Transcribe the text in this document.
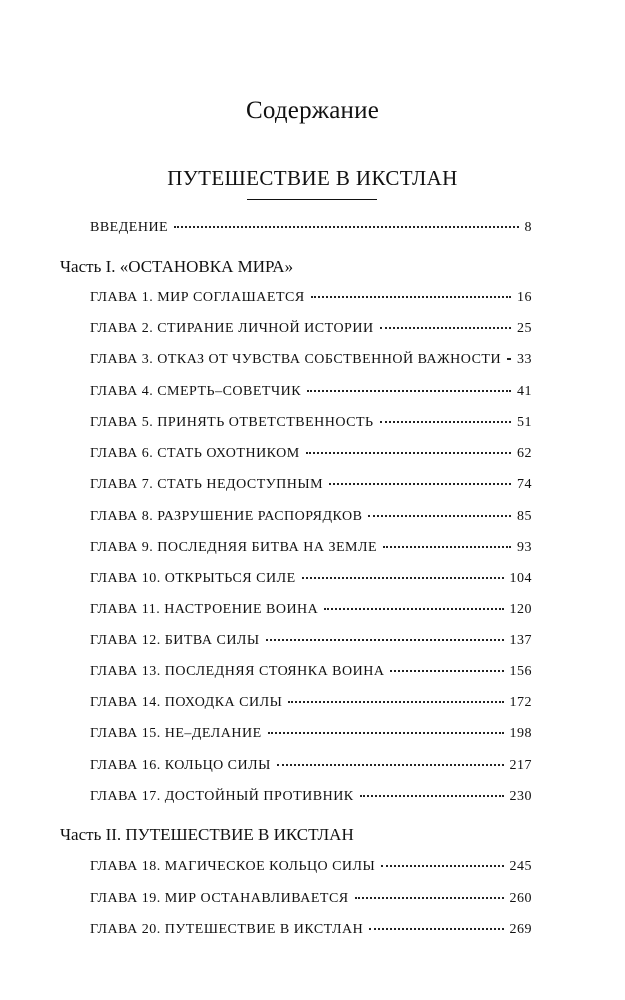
Содержание
ПУТЕШЕСТВИЕ В ИКСТЛАН
ВВЕДЕНИЕ	8
Часть I. «ОСТАНОВКА МИРА»
ГЛАВА 1. МИР СОГЛАШАЕТСЯ	16
ГЛАВА 2. СТИРАНИЕ ЛИЧНОЙ ИСТОРИИ	25
ГЛАВА 3. ОТКАЗ ОТ ЧУВСТВА СОБСТВЕННОЙ ВАЖНОСТИ 33
ГЛАВА 4. СМЕРТЬ–СОВЕТЧИК	41
ГЛАВА 5. ПРИНЯТЬ ОТВЕТСТВЕННОСТЬ	51
ГЛАВА 6. СТАТЬ ОХОТНИКОМ	62
ГЛАВА 7. СТАТЬ НЕДОСТУПНЫМ	74
ГЛАВА 8. РАЗРУШЕНИЕ РАСПОРЯДКОВ	85
ГЛАВА 9. ПОСЛЕДНЯЯ БИТВА НА ЗЕМЛЕ	93
ГЛАВА 10. ОТКРЫТЬСЯ СИЛЕ	104
ГЛАВА 11. НАСТРОЕНИЕ ВОИНА	120
ГЛАВА 12. БИТВА СИЛЫ	137
ГЛАВА 13. ПОСЛЕДНЯЯ СТОЯНКА ВОИНА	156
ГЛАВА 14. ПОХОДКА СИЛЫ	172
ГЛАВА 15. НЕ–ДЕЛАНИЕ	198
ГЛАВА 16. КОЛЬЦО СИЛЫ	217
ГЛАВА 17. ДОСТОЙНЫЙ ПРОТИВНИК	230
Часть II. ПУТЕШЕСТВИЕ В ИКСТЛАН
ГЛАВА 18. МАГИЧЕСКОЕ КОЛЬЦО СИЛЫ	245
ГЛАВА 19. МИР ОСТАНАВЛИВАЕТСЯ	260
ГЛАВА 20. ПУТЕШЕСТВИЕ В ИКСТЛАН	269
